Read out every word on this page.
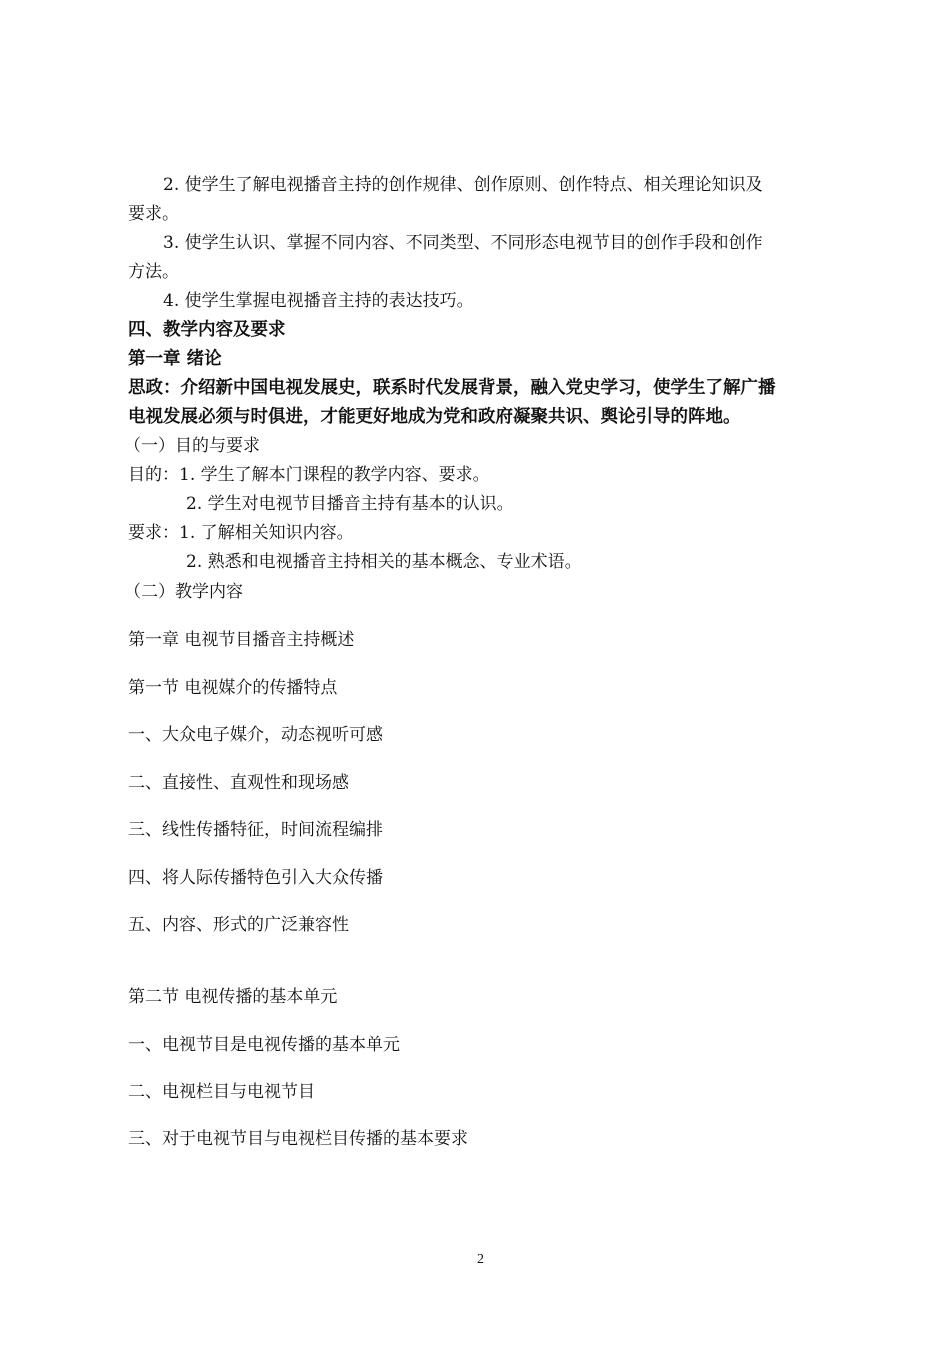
2. 使学生了解电视播音主持的创作规律、创作原则、创作特点、相关理论知识及
要求。
3. 使学生认识、掌握不同内容、不同类型、不同形态电视节目的创作手段和创作
方法。
4. 使学生掌握电视播音主持的表达技巧。
四、教学内容及要求
第一章 绪论
思政：介绍新中国电视发展史，联系时代发展背景，融入党史学习，使学生了解广播
电视发展必须与时俱进，才能更好地成为党和政府凝聚共识、舆论引导的阵地。
（一）目的与要求
目的：1. 学生了解本门课程的教学内容、要求。
2. 学生对电视节目播音主持有基本的认识。
要求：1. 了解相关知识内容。
2. 熟悉和电视播音主持相关的基本概念、专业术语。
（二）教学内容
第一章 电视节目播音主持概述
第一节 电视媒介的传播特点
一、大众电子媒介，动态视听可感
二、直接性、直观性和现场感
三、线性传播特征，时间流程编排
四、将人际传播特色引入大众传播
五、内容、形式的广泛兼容性
第二节 电视传播的基本单元
一、电视节目是电视传播的基本单元
二、电视栏目与电视节目
三、对于电视节目与电视栏目传播的基本要求
2
